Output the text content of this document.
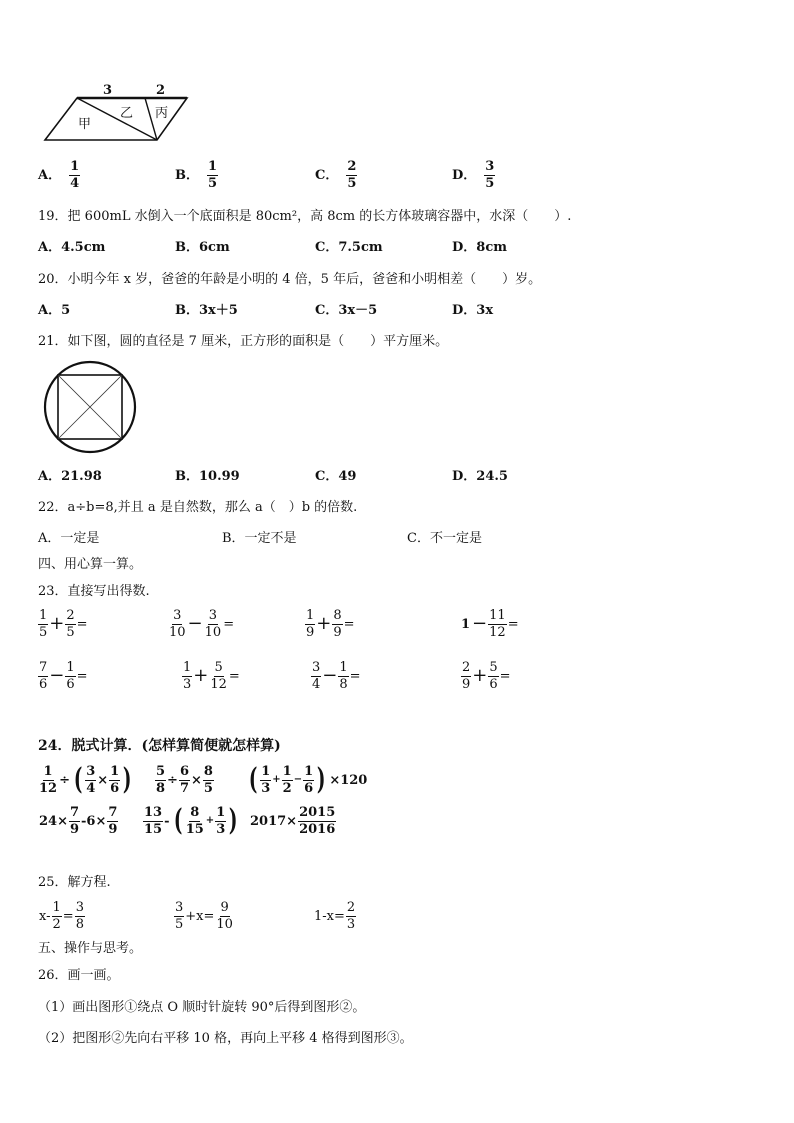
3	2
甲
乙 丙
A． $\frac{1}{4}$	B． $\frac{1}{5}$	C． $\frac{2}{5}$	D． $\frac{3}{5}$
19．把 600mL 水倒入一个底面积是 80cm²，高 8cm 的长方体玻璃容器中，水深（　　）.
A．4.5cm	B．6cm	C．7.5cm	D．8cm
20．小明今年 x 岁，爸爸的年龄是小明的 4 倍，5 年后，爸爸和小明相差（　　）岁。
A．5	B．3x＋5	C．3x－5	D．3x
21．如下图，圆的直径是 7 厘米，正方形的面积是（　　）平方厘米。
A．21.98	B．10.99	C．49	D．24.5
22．a÷b=8,并且 a 是自然数，那么 a（　）b 的倍数.
A．一定是	B．一定不是	C．不一定是
四、用心算一算。
23．直接写出得数.
$\frac{1}{5} + \frac{2}{5}$ =	$\frac{3}{10} - \frac{3}{10}$ =	$\frac{1}{9} + \frac{8}{9}$ =	$1 - \frac{11}{12}$ =
$\frac{7}{6} - \frac{1}{6}$ =	$\frac{1}{3} + \frac{5}{12}$ =	$\frac{3}{4} - \frac{1}{8}$ =	$\frac{2}{9} + \frac{5}{6}$ =
24．脱式计算．(怎样算简便就怎样算)
$\frac{1}{12}$ ÷ ( $\frac{3}{4} \times \frac{1}{6}$ ) $\frac{5}{8} \div \frac{6}{7} \times \frac{8}{5}$ ( $\frac{1}{3} + \frac{1}{2} - \frac{1}{6}$ ) ×120
$24\times \frac{7}{9} -6\times \frac{7}{9} \frac{13}{15}$ - ( $\frac{8}{15} + \frac{1}{3}$ ) $2017\times \frac{2015}{2016}$
25．解方程.
$x- \frac{1}{2} = \frac{3}{8}$	$\frac{3}{5} +x= \frac{9}{10}$	$1-x= \frac{2}{3}$
五、操作与思考。
26．画一画。
（1）画出图形①绕点 O 顺时针旋转 90°后得到图形②。
（2）把图形②先向右平移 10 格，再向上平移 4 格得到图形③。
